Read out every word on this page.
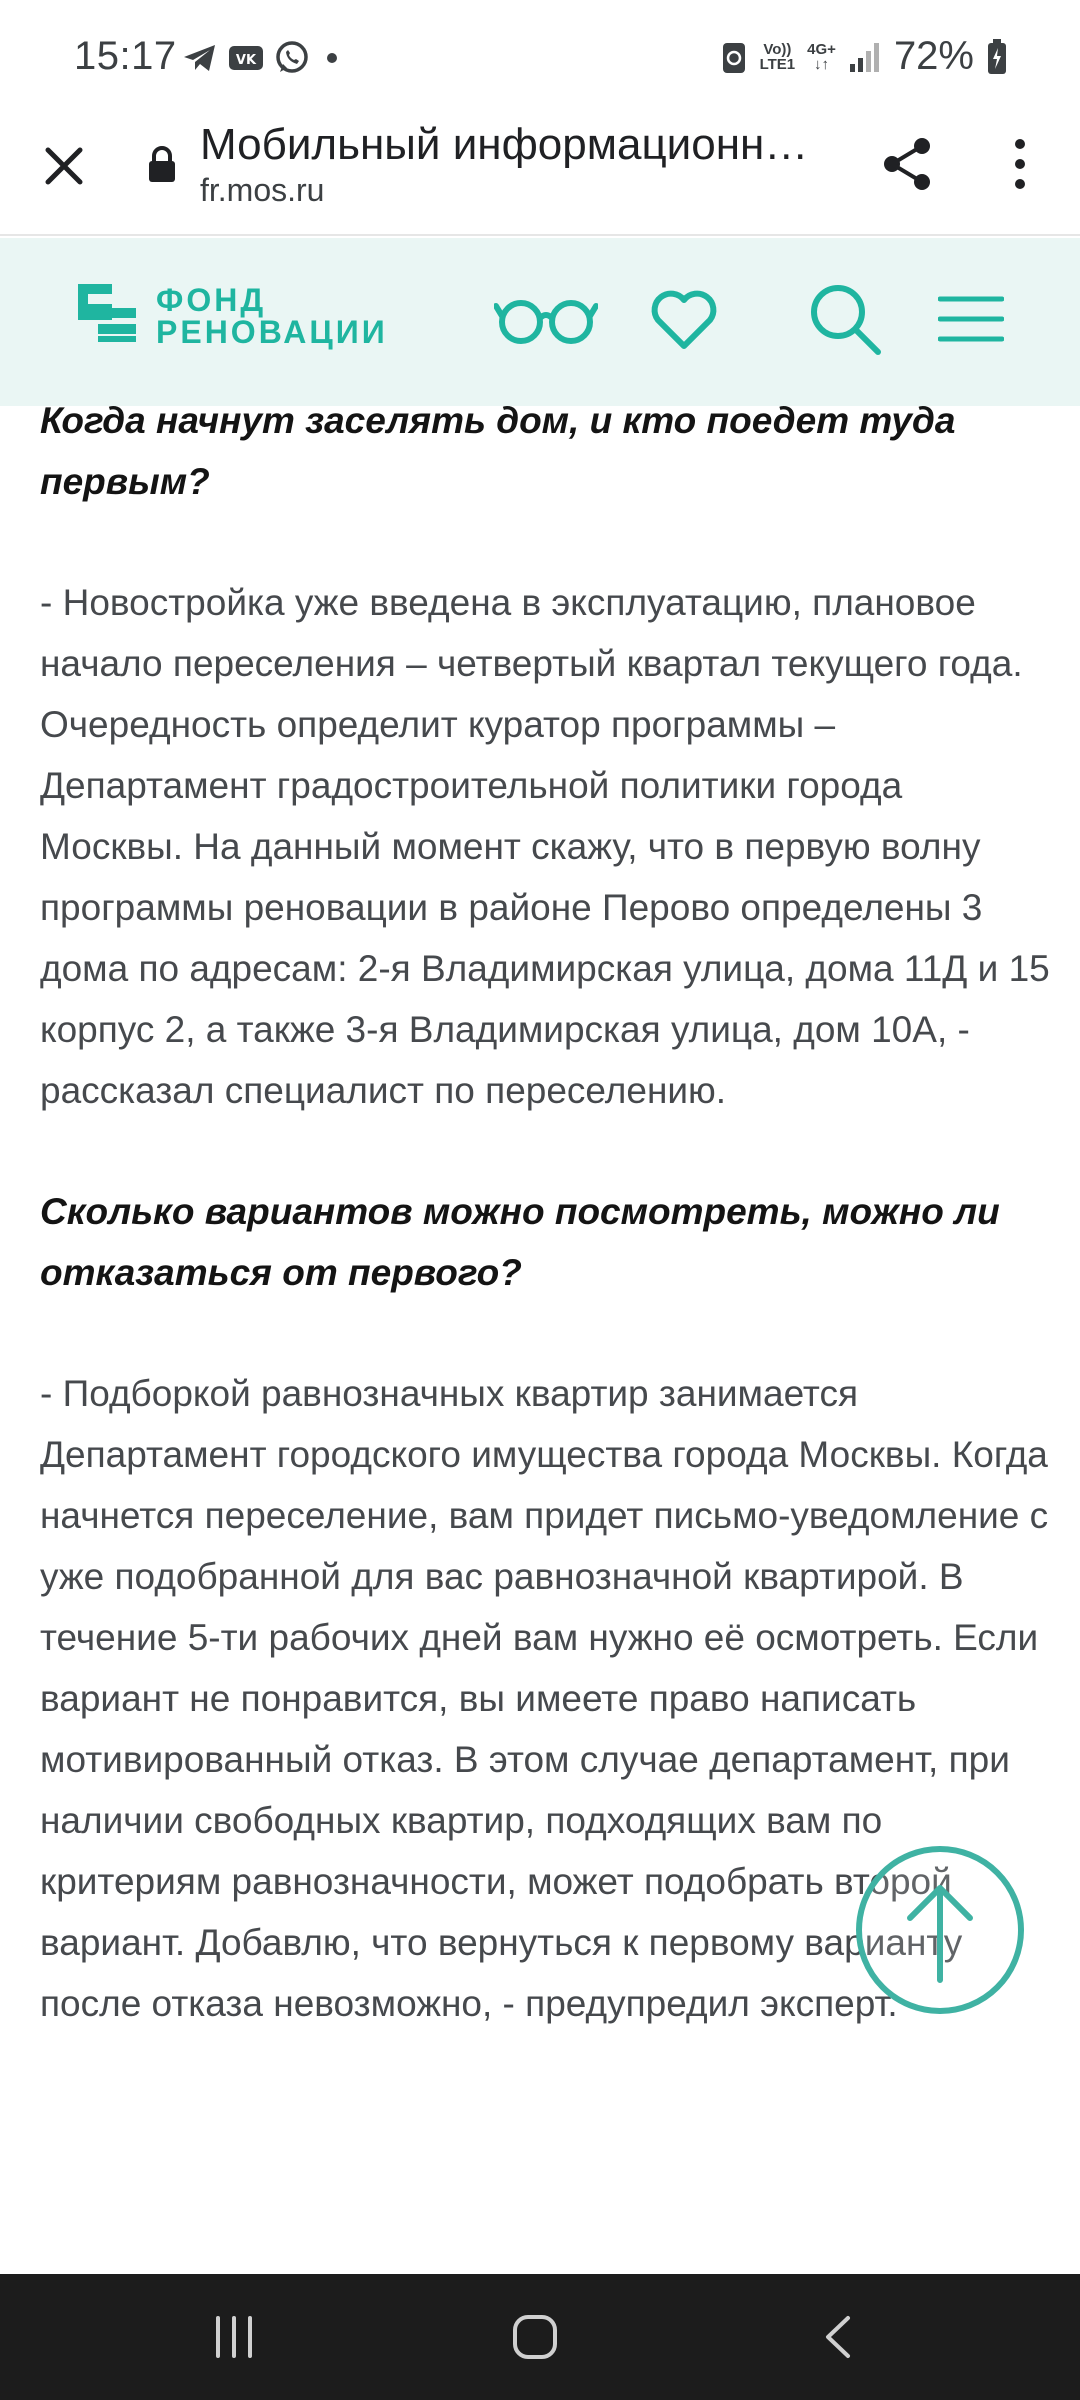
15:17	VK
Vo))
LTE1
4G+
↓↑ 72%
Мобильный информационн…
fr.mos.ru
ФОНД
РЕНОВАЦИИ

Когда начнут заселять дом, и кто поедет туда первым?

- Новостройка уже введена в эксплуатацию, плановое начало переселения – четвертый квартал текущего года. Очередность определит куратор программы – Департамент градостроительной политики города Москвы. На данный момент скажу, что в первую волну программы реновации в районе Перово определены 3 дома по адресам: 2-я Владимирская улица, дома 11Д и 15 корпус 2, а также 3-я Владимирская улица, дом 10А, - рассказал специалист по переселению.

Сколько вариантов можно посмотреть, можно ли отказаться от первого?

- Подборкой равнозначных квартир занимается Департамент городского имущества города Москвы. Когда начнется переселение, вам придет письмо-уведомление с уже подобранной для вас равнозначной квартирой. В течение 5-ти рабочих дней вам нужно её осмотреть. Если вариант не понравится, вы имеете право написать мотивированный отказ. В этом случае департамент, при наличии свободных квартир, подходящих вам по критериям равнозначности, может подобрать второй вариант. Добавлю, что вернуться к первому варианту после отказа невозможно, - предупредил эксперт.
